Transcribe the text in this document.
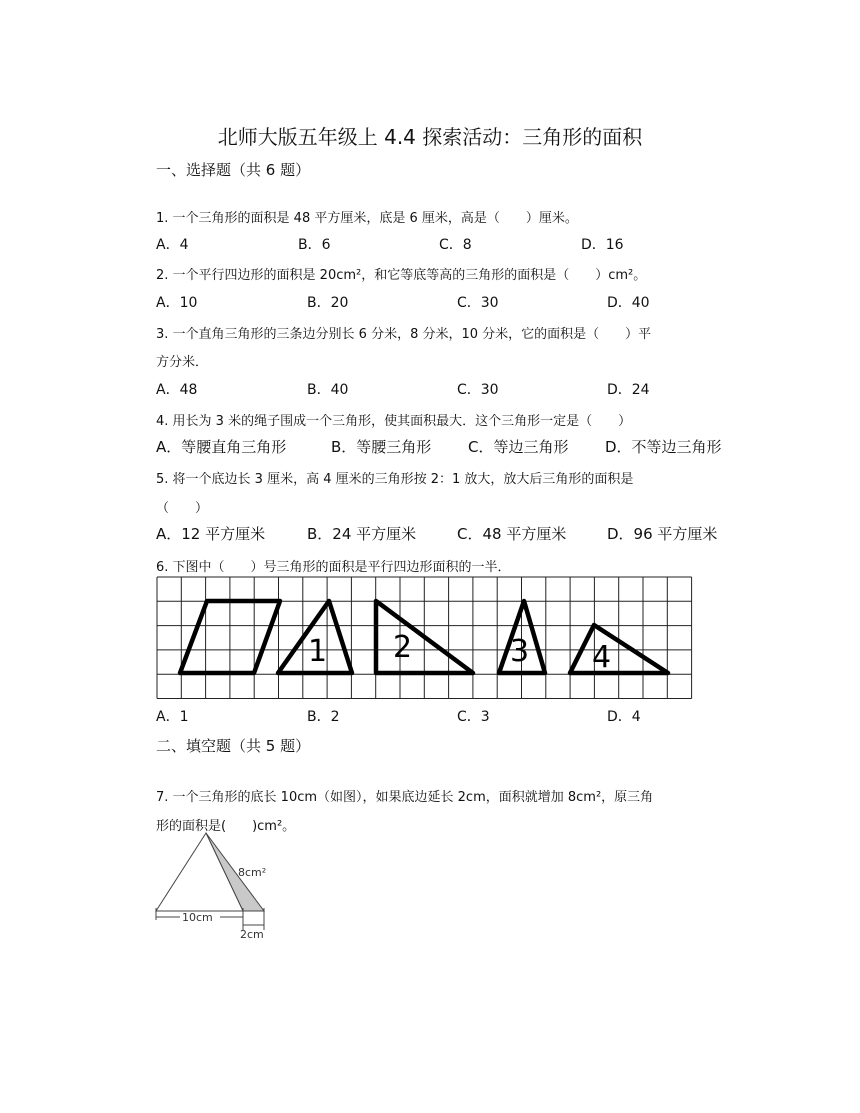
北师大版五年级上 4.4 探索活动：三角形的面积
一、选择题（共 6 题）
1. 一个三角形的面积是 48 平方厘米，底是 6 厘米，高是（　　）厘米。
A．4	B．6	C．8	D．16
2. 一个平行四边形的面积是 20cm²，和它等底等高的三角形的面积是（　　）cm²。
A．10	B．20	C．30	D．40
3. 一个直角三角形的三条边分别长 6 分米，8 分米，10 分米，它的面积是（　　）平
方分米．
A．48	B．40	C．30	D．24
4. 用长为 3 米的绳子围成一个三角形，使其面积最大．这个三角形一定是（　　）
A．等腰直角三角形	B．等腰三角形 C．等边三角形 D．不等边三角形
5. 将一个底边长 3 厘米，高 4 厘米的三角形按 2：1 放大，放大后三角形的面积是
（　　）
A．12 平方厘米	B．24 平方厘米	C．48 平方厘米	D．96 平方厘米
6. 下图中（　　）号三角形的面积是平行四边形面积的一半．
1 2	3 4
A．1	B．2	C．3	D．4
二、填空题（共 5 题）
7. 一个三角形的底长 10cm（如图），如果底边延长 2cm，面积就增加 8cm²，原三角
形的面积是(　　)cm²。
10cm
2cm
8cm²
